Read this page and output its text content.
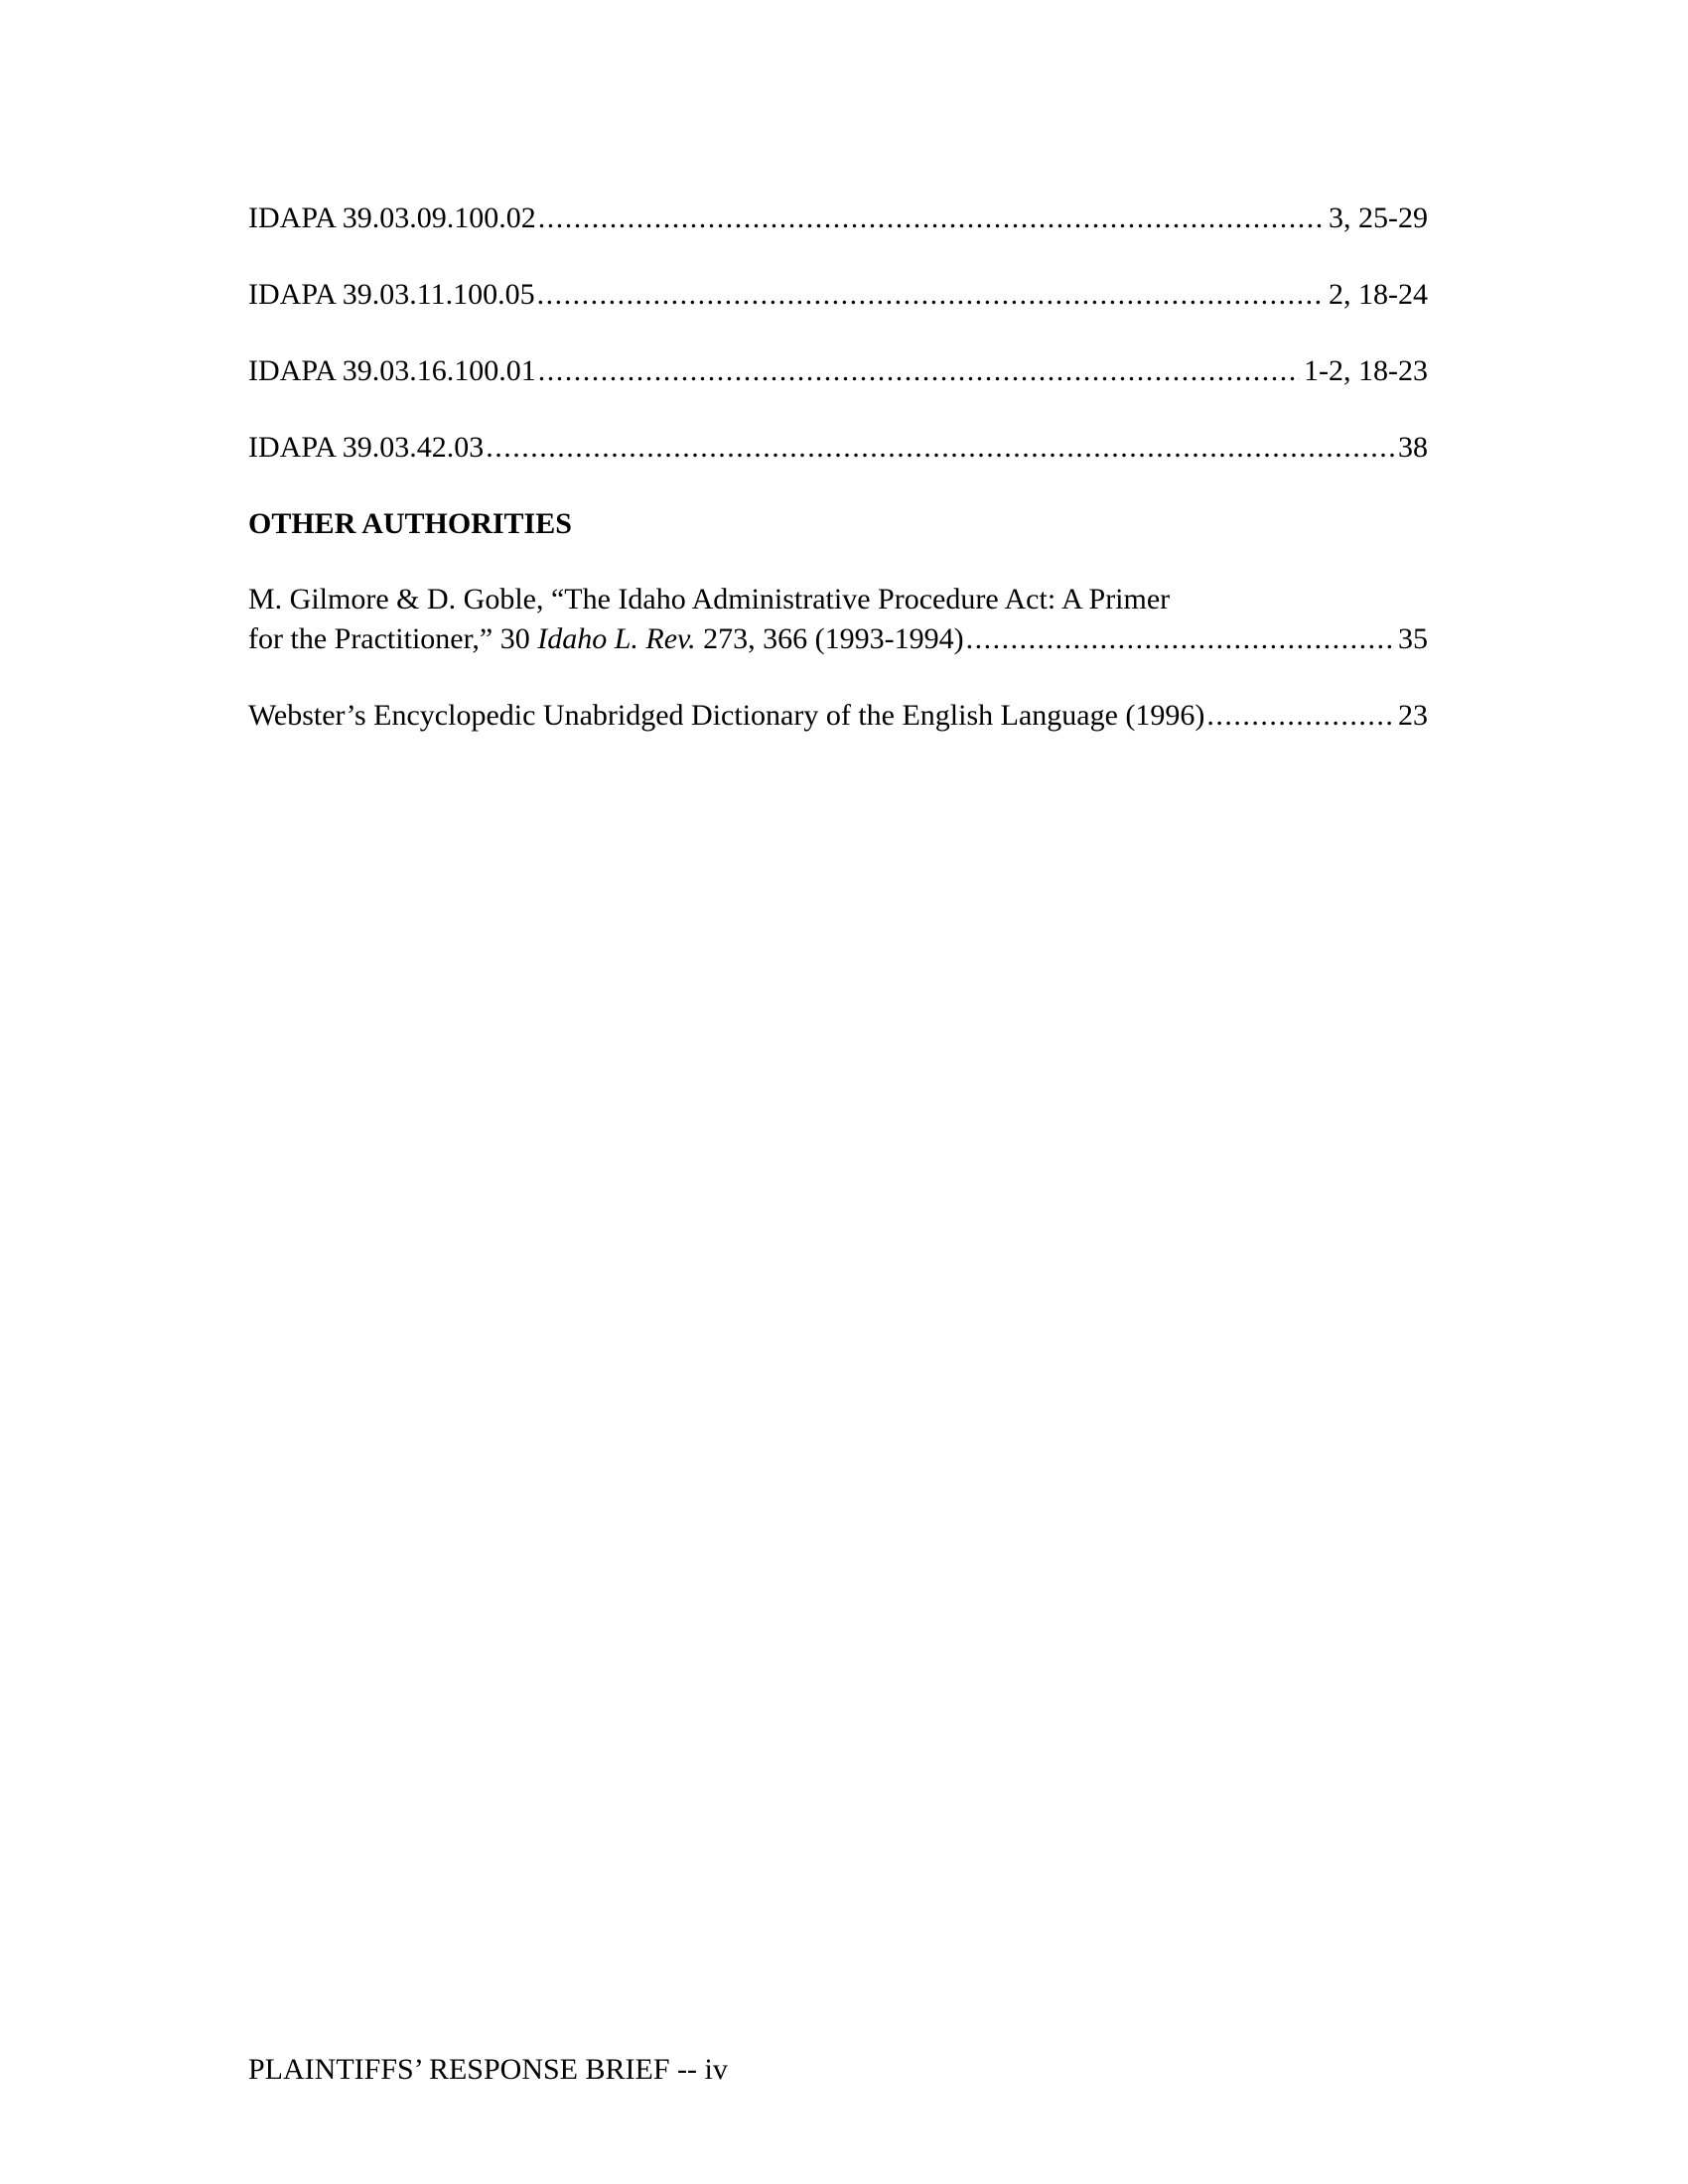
IDAPA 39.03.09.100.02 . . .	3, 25-29
IDAPA 39.03.11.100.05 . . .	2, 18-24
IDAPA 39.03.16.100.01 . . .	1-2, 18-23
IDAPA 39.03.42.03 . . .	38
OTHER AUTHORITIES
M. Gilmore & D. Goble, “The Idaho Administrative Procedure Act: A Primer
for the Practitioner,” 30 Idaho L. Rev. 273, 366 (1993-1994) . . .	35
Webster’s Encyclopedic Unabridged Dictionary of the English Language (1996) . . .	23
PLAINTIFFS’ RESPONSE BRIEF -- iv
